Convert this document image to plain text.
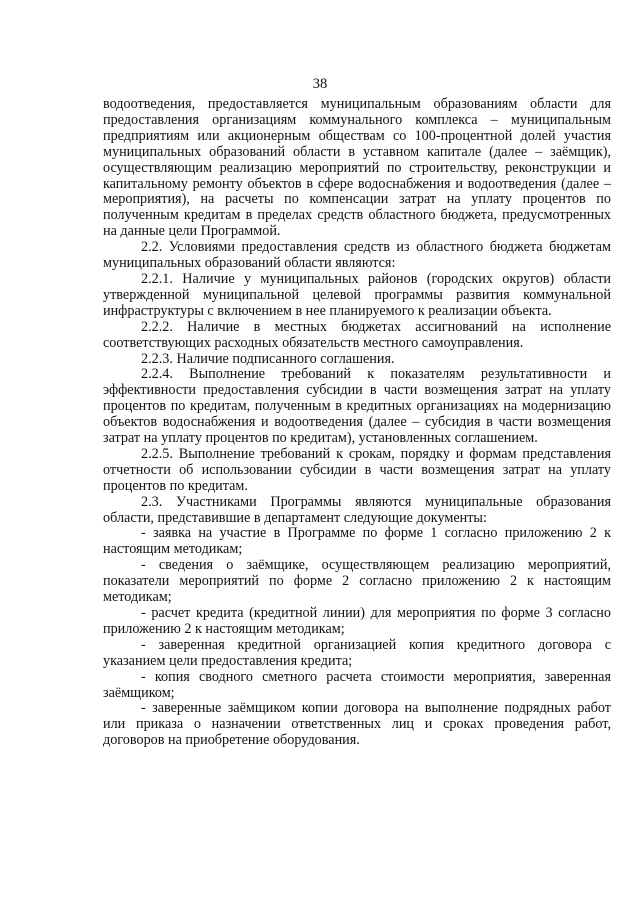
38

водоотведения, предоставляется муниципальным образованиям области для предоставления организациям коммунального комплекса – муниципальным предприятиям или акционерным обществам со 100-процентной долей участия муниципальных образований области в уставном капитале (далее – заёмщик), осуществляющим реализацию мероприятий по строительству, реконструкции и капитальному ремонту объектов в сфере водоснабжения и водоотведения (далее – мероприятия), на расчеты по компенсации затрат на уплату процентов по полученным кредитам в пределах средств областного бюджета, предусмотренных на данные цели Программой.

2.2. Условиями предоставления средств из областного бюджета бюджетам муниципальных образований области являются:

2.2.1. Наличие у муниципальных районов (городских округов) области утвержденной муниципальной целевой программы развития коммунальной инфраструктуры с включением в нее планируемого к реализации объекта.

2.2.2. Наличие в местных бюджетах ассигнований на исполнение соответствующих расходных обязательств местного самоуправления.

2.2.3. Наличие подписанного соглашения.

2.2.4. Выполнение требований к показателям результативности и эффективности предоставления субсидии в части возмещения затрат на уплату процентов по кредитам, полученным в кредитных организациях на модернизацию объектов водоснабжения и водоотведения (далее – субсидия в части возмещения затрат на уплату процентов по кредитам), установленных соглашением.

2.2.5. Выполнение требований к срокам, порядку и формам представления отчетности об использовании субсидии в части возмещения затрат на уплату процентов по кредитам.

2.3. Участниками Программы являются муниципальные образования области, представившие в департамент следующие документы:

- заявка на участие в Программе по форме 1 согласно приложению 2 к настоящим методикам;

- сведения о заёмщике, осуществляющем реализацию мероприятий, показатели мероприятий по форме 2 согласно приложению 2 к настоящим методикам;

- расчет кредита (кредитной линии) для мероприятия по форме 3 согласно приложению 2 к настоящим методикам;

- заверенная кредитной организацией копия кредитного договора с указанием цели предоставления кредита;

- копия сводного сметного расчета стоимости мероприятия, заверенная заёмщиком;

- заверенные заёмщиком копии договора на выполнение подрядных работ или приказа о назначении ответственных лиц и сроках проведения работ, договоров на приобретение оборудования.
